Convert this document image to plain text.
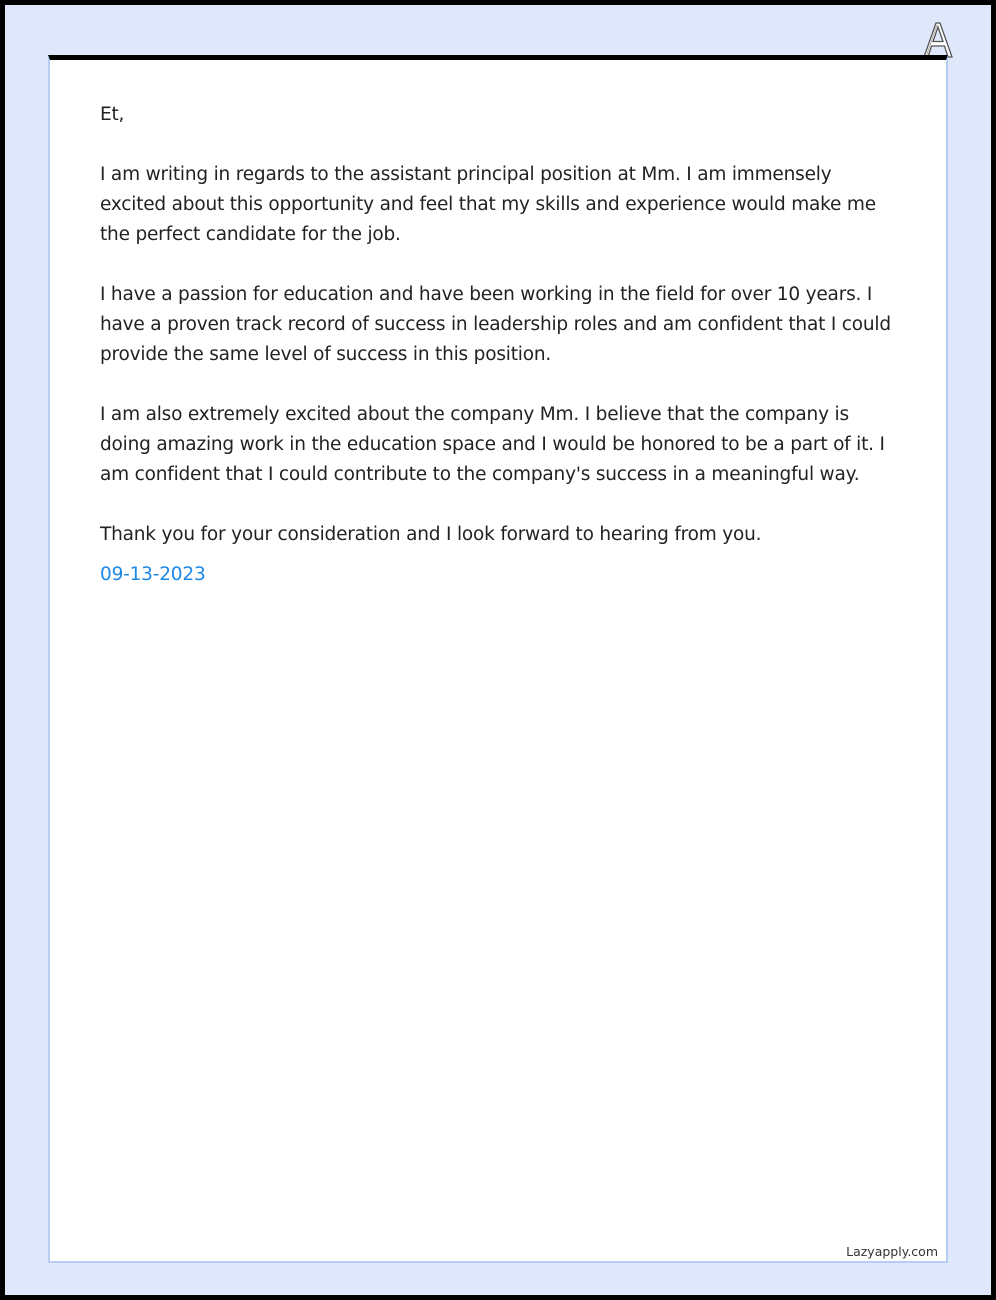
Et,

I am writing in regards to the assistant principal position at Mm. I am immensely excited about this opportunity and feel that my skills and experience would make me the perfect candidate for the job.

I have a passion for education and have been working in the field for over 10 years. I have a proven track record of success in leadership roles and am confident that I could provide the same level of success in this position.

I am also extremely excited about the company Mm. I believe that the company is doing amazing work in the education space and I would be honored to be a part of it. I am confident that I could contribute to the company's success in a meaningful way.

Thank you for your consideration and I look forward to hearing from you.

09-13-2023
Lazyapply.com
